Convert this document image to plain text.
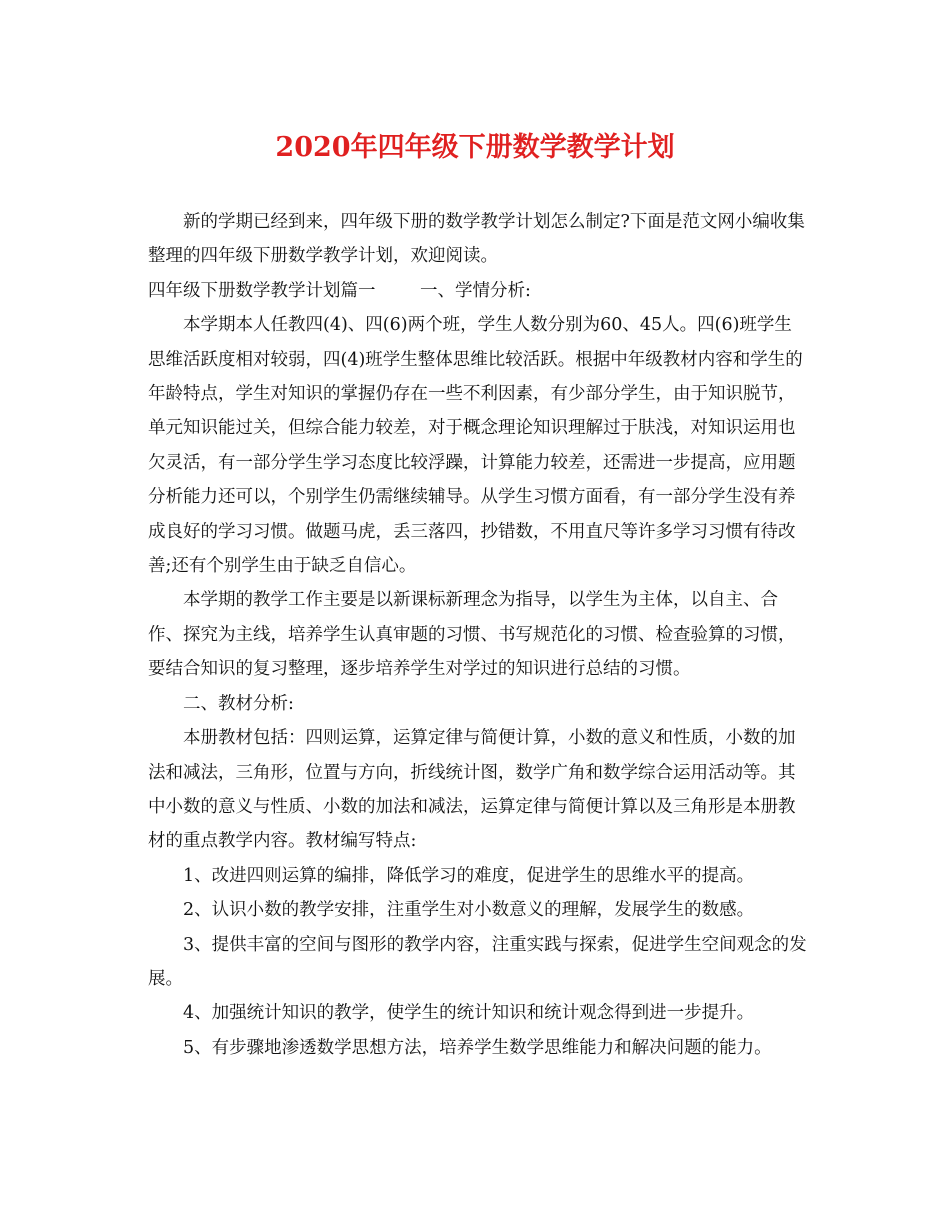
2020年四年级下册数学教学计划

新的学期已经到来，四年级下册的数学教学计划怎么制定?下面是范文网小编收集整理的四年级下册数学教学计划，欢迎阅读。

四年级下册数学教学计划篇一        一、学情分析:

本学期本人任教四(4)、四(6)两个班，学生人数分别为60、45人。四(6)班学生思维活跃度相对较弱，四(4)班学生整体思维比较活跃。根据中年级教材内容和学生的年龄特点，学生对知识的掌握仍存在一些不利因素，有少部分学生，由于知识脱节，单元知识能过关，但综合能力较差，对于概念理论知识理解过于肤浅，对知识运用也欠灵活，有一部分学生学习态度比较浮躁，计算能力较差，还需进一步提高，应用题分析能力还可以，个别学生仍需继续辅导。从学生习惯方面看，有一部分学生没有养成良好的学习习惯。做题马虎，丢三落四，抄错数，不用直尺等许多学习习惯有待改善;还有个别学生由于缺乏自信心。

本学期的教学工作主要是以新课标新理念为指导，以学生为主体，以自主、合作、探究为主线，培养学生认真审题的习惯、书写规范化的习惯、检查验算的习惯，要结合知识的复习整理，逐步培养学生对学过的知识进行总结的习惯。

二、教材分析:

本册教材包括：四则运算，运算定律与简便计算，小数的意义和性质，小数的加法和减法，三角形，位置与方向，折线统计图，数学广角和数学综合运用活动等。其中小数的意义与性质、小数的加法和减法，运算定律与简便计算以及三角形是本册教材的重点教学内容。教材编写特点:

1、改进四则运算的编排，降低学习的难度，促进学生的思维水平的提高。

2、认识小数的教学安排，注重学生对小数意义的理解，发展学生的数感。

3、提供丰富的空间与图形的教学内容，注重实践与探索，促进学生空间观念的发展。

4、加强统计知识的教学，使学生的统计知识和统计观念得到进一步提升。

5、有步骤地渗透数学思想方法，培养学生数学思维能力和解决问题的能力。
